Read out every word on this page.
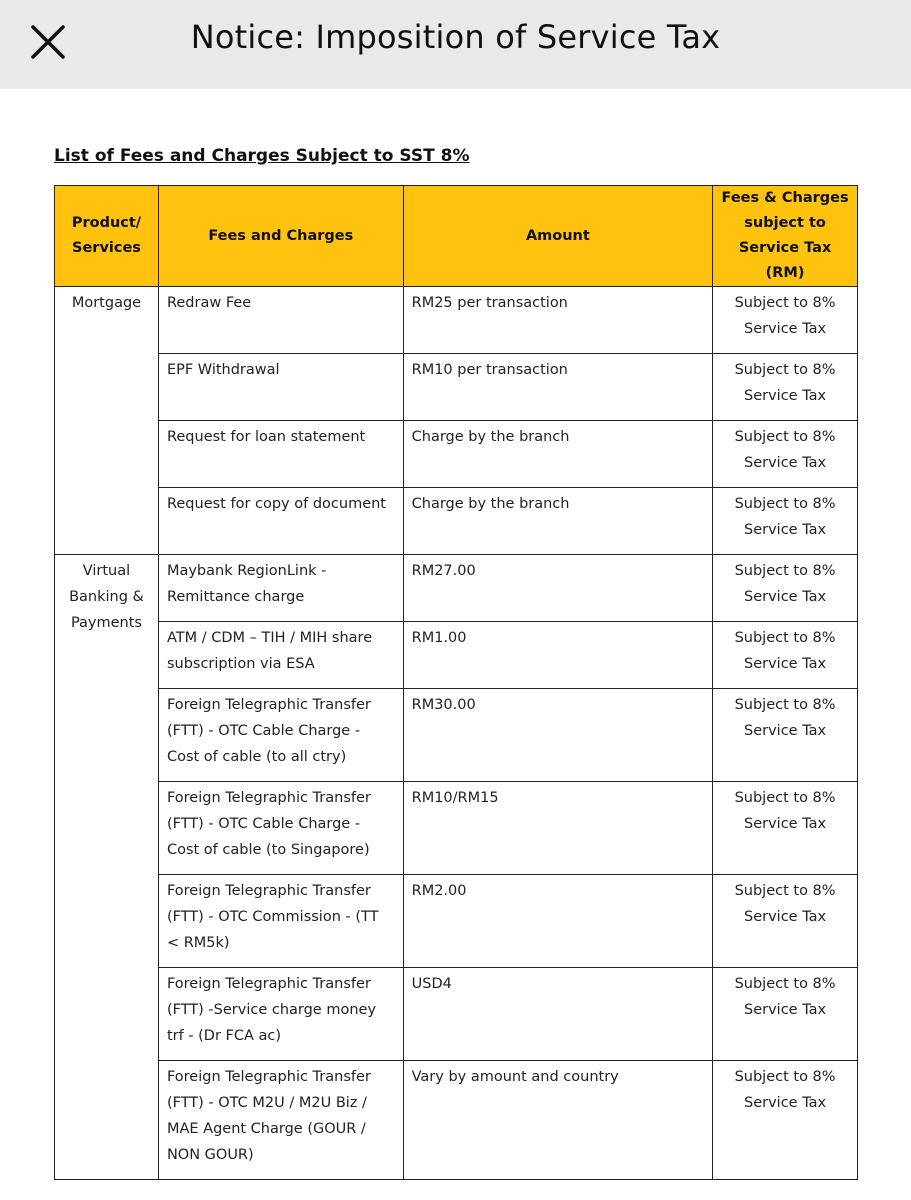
Notice: Imposition of Service Tax
List of Fees and Charges Subject to SST 8%
Product/ Services	Fees and Charges	Amount	Fees & Charges subject to Service Tax (RM)
Mortgage	Redraw Fee	RM25 per transaction	Subject to 8% Service Tax
	EPF Withdrawal	RM10 per transaction	Subject to 8% Service Tax
	Request for loan statement	Charge by the branch	Subject to 8% Service Tax
	Request for copy of document	Charge by the branch	Subject to 8% Service Tax
Virtual Banking & Payments	Maybank RegionLink - Remittance charge	RM27.00	Subject to 8% Service Tax
	ATM / CDM – TIH / MIH share subscription via ESA	RM1.00	Subject to 8% Service Tax
	Foreign Telegraphic Transfer (FTT) - OTC Cable Charge - Cost of cable (to all ctry)	RM30.00	Subject to 8% Service Tax
	Foreign Telegraphic Transfer (FTT) - OTC Cable Charge - Cost of cable (to Singapore)	RM10/RM15	Subject to 8% Service Tax
	Foreign Telegraphic Transfer (FTT) - OTC Commission - (TT < RM5k)	RM2.00	Subject to 8% Service Tax
	Foreign Telegraphic Transfer (FTT) -Service charge money trf - (Dr FCA ac)	USD4	Subject to 8% Service Tax
	Foreign Telegraphic Transfer (FTT) - OTC M2U / M2U Biz / MAE Agent Charge (GOUR / NON GOUR)	Vary by amount and country	Subject to 8% Service Tax
